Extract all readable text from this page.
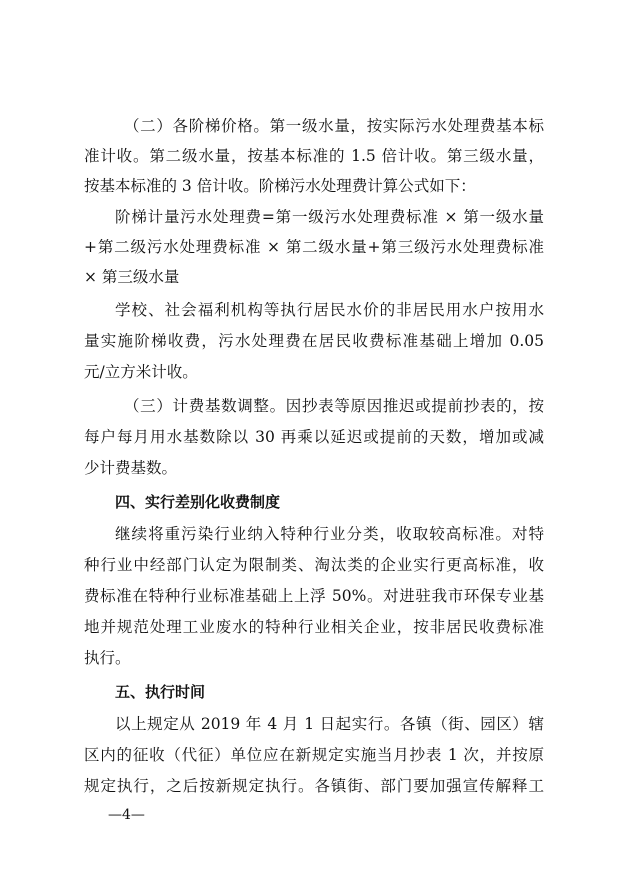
（二）各阶梯价格。第一级水量，按实际污水处理费基本标
准计收。第二级水量，按基本标准的 1.5 倍计收。第三级水量，
按基本标准的 3 倍计收。阶梯污水处理费计算公式如下：
阶梯计量污水处理费=第一级污水处理费标准 × 第一级水量
+第二级污水处理费标准 × 第二级水量+第三级污水处理费标准
× 第三级水量
学校、社会福利机构等执行居民水价的非居民用水户按用水
量实施阶梯收费，污水处理费在居民收费标准基础上增加 0.05
元/立方米计收。
（三）计费基数调整。因抄表等原因推迟或提前抄表的，按
每户每月用水基数除以 30 再乘以延迟或提前的天数，增加或减
少计费基数。
四、实行差别化收费制度
继续将重污染行业纳入特种行业分类，收取较高标准。对特
种行业中经部门认定为限制类、淘汰类的企业实行更高标准，收
费标准在特种行业标准基础上上浮 50%。对进驻我市环保专业基
地并规范处理工业废水的特种行业相关企业，按非居民收费标准
执行。
五、执行时间
以上规定从 2019 年 4 月 1 日起实行。各镇（街、园区）辖
区内的征收（代征）单位应在新规定实施当月抄表 1 次，并按原
规定执行，之后按新规定执行。各镇街、部门要加强宣传解释工
—4—
